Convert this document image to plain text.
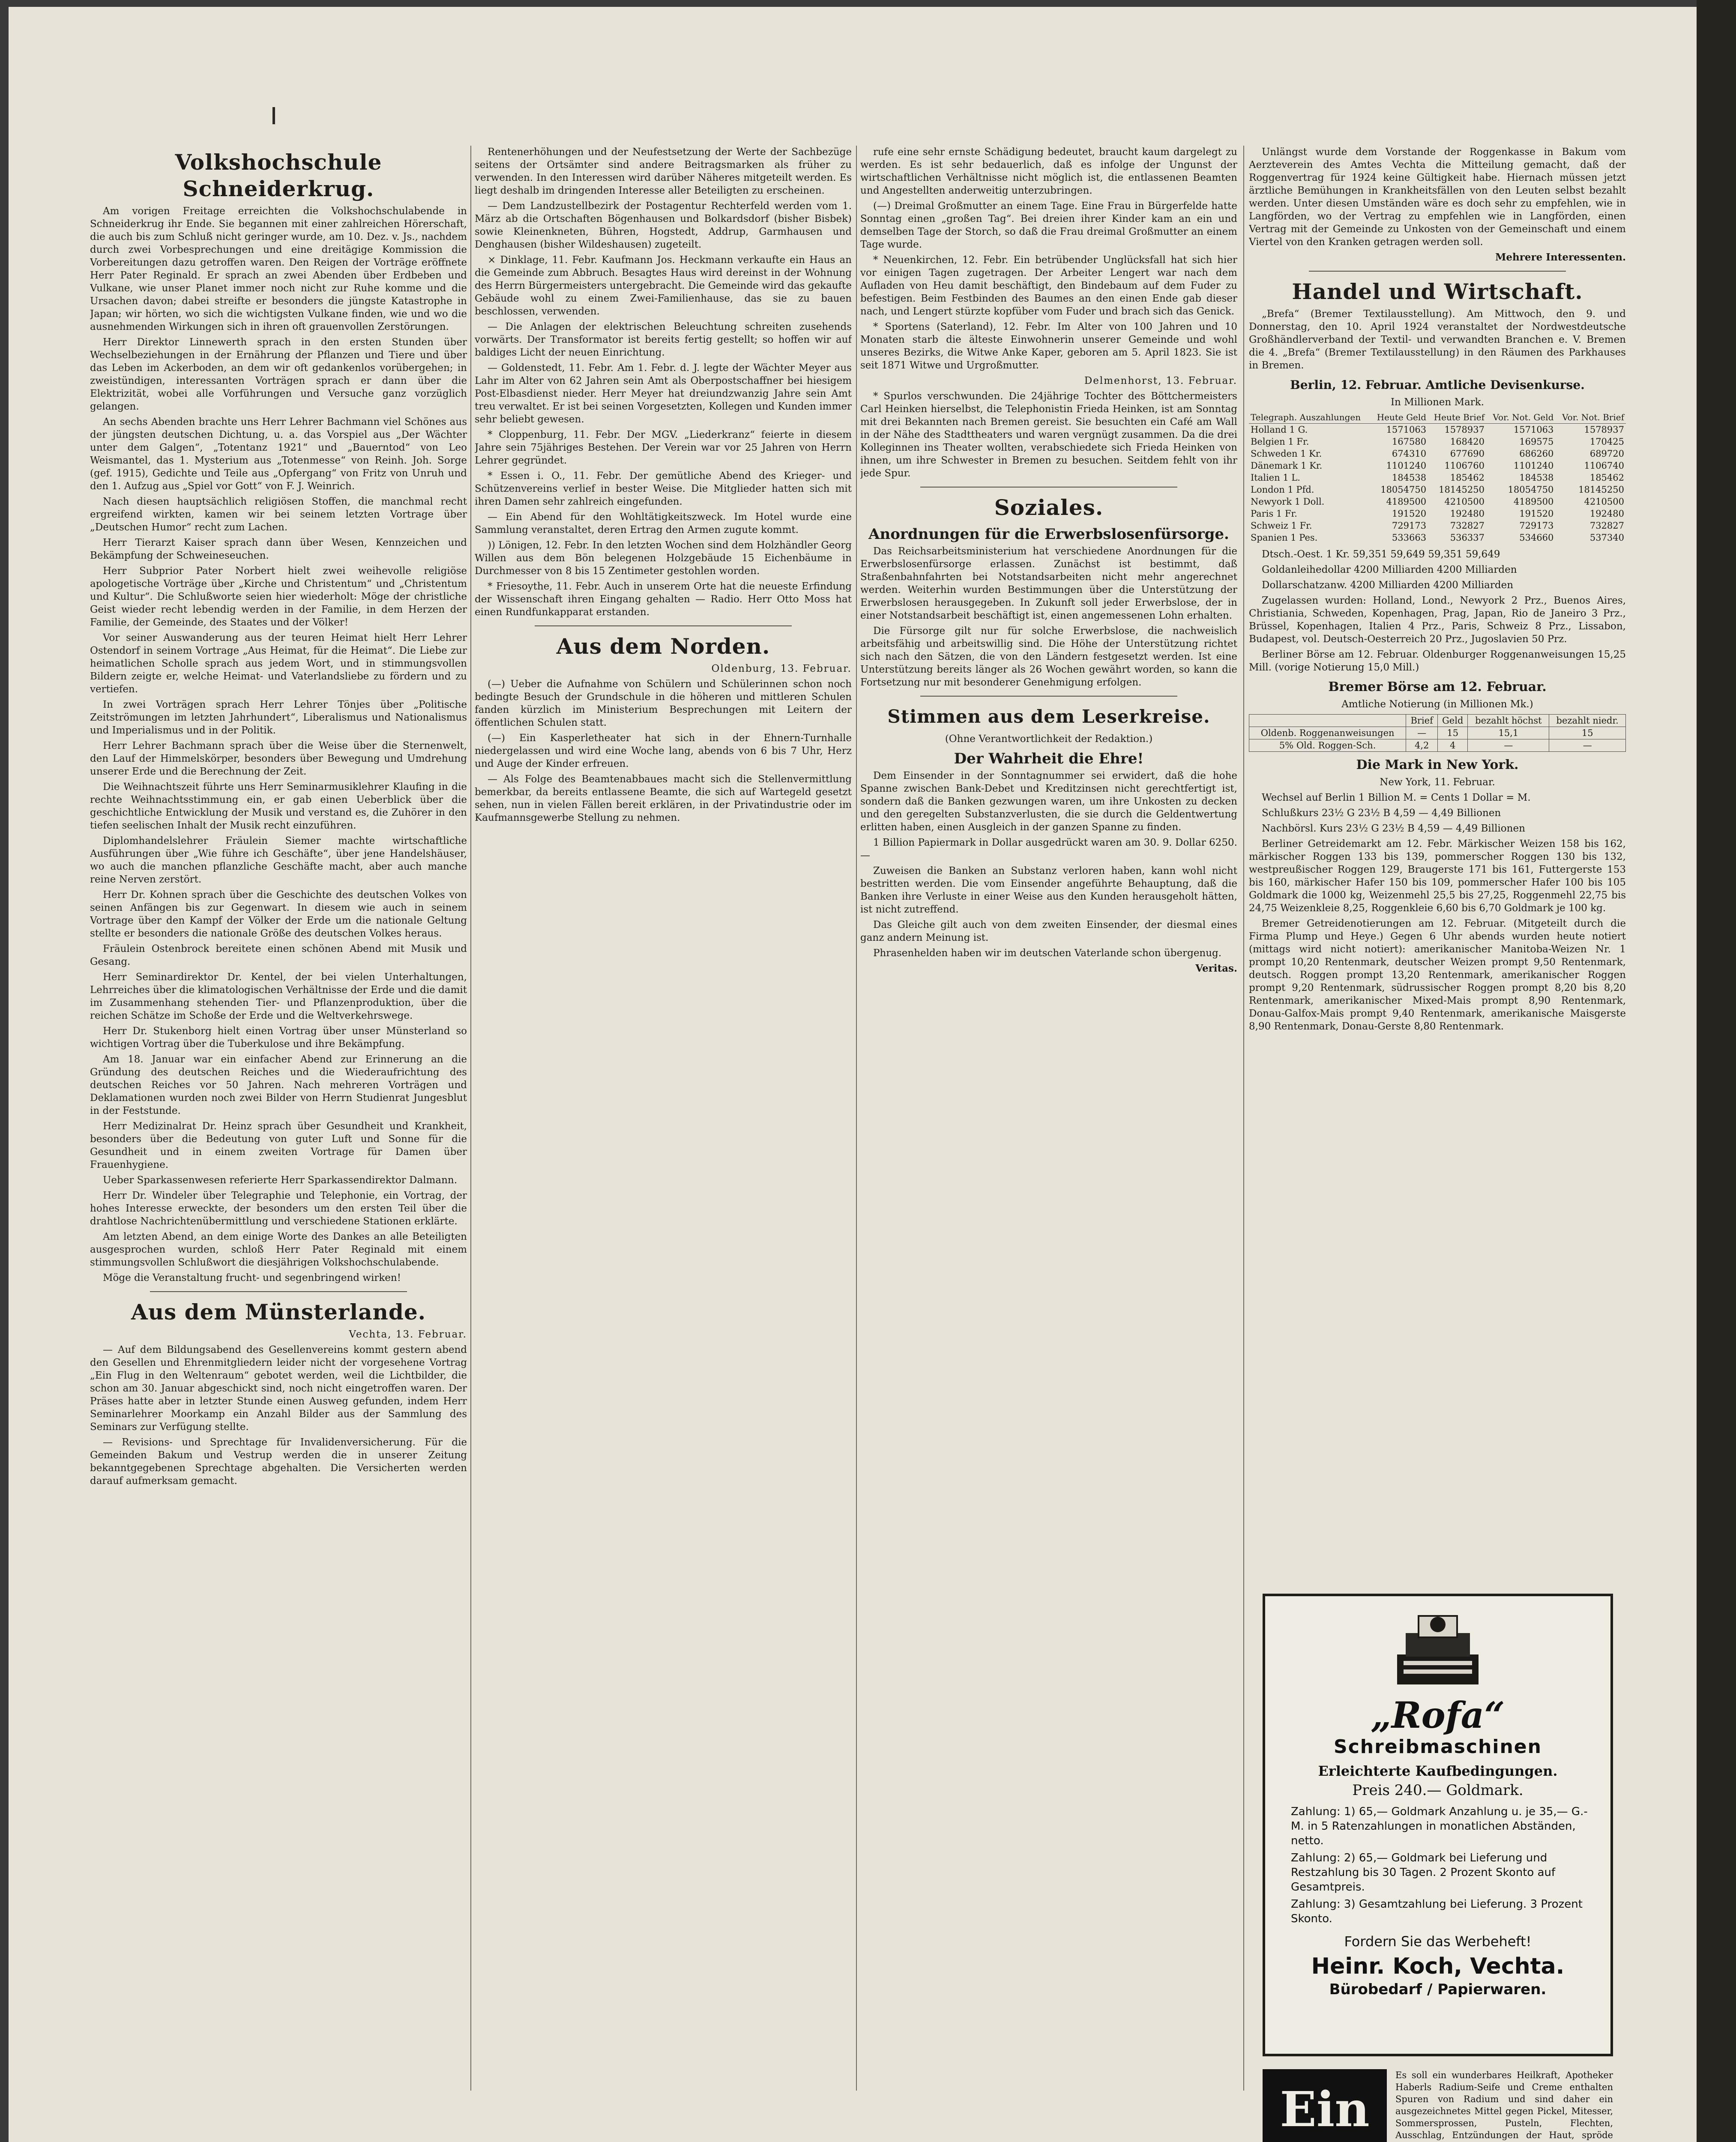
Volkshochschule Schneiderkrug.

Am vorigen Freitage erreichten die Volkshochschulabende in Schneiderkrug ihr Ende. Sie begannen mit einer zahlreichen Hörerschaft, die auch bis zum Schluß nicht geringer wurde, am 10. Dez. v. Js., nachdem durch zwei Vorbesprechungen und eine dreitägige Kommission die Vorbereitungen dazu getroffen waren. Den Reigen der Vorträge eröffnete Herr Pater Reginald. Er sprach an zwei Abenden über Erdbeben und Vulkane, wie unser Planet immer noch nicht zur Ruhe komme und die Ursachen davon; dabei streifte er besonders die jüngste Katastrophe in Japan; wir hörten, wo sich die wichtigsten Vulkane finden, wie und wo die ausnehmenden Wirkungen sich in ihren oft grauenvollen Zerstörungen.

Herr Direktor Linnewerth sprach in den ersten Stunden über Wechselbeziehungen in der Ernährung der Pflanzen und Tiere und über das Leben im Ackerboden, an dem wir oft gedankenlos vorübergehen; in zweistündigen, interessanten Vorträgen sprach er dann über die Elektrizität, wobei alle Vorführungen und Versuche ganz vorzüglich gelangen.

An sechs Abenden brachte uns Herr Lehrer Bachmann viel Schönes aus der jüngsten deutschen Dichtung, u. a. das Vorspiel aus „Der Wächter unter dem Galgen“, „Totentanz 1921“ und „Bauerntod“ von Leo Weismantel, das 1. Mysterium aus „Totenmesse“ von Reinh. Joh. Sorge (gef. 1915), Gedichte und Teile aus „Opfergang“ von Fritz von Unruh und den 1. Aufzug aus „Spiel vor Gott“ von F. J. Weinrich.

Nach diesen hauptsächlich religiösen Stoffen, die manchmal recht ergreifend wirkten, kamen wir bei seinem letzten Vortrage über „Deutschen Humor“ recht zum Lachen.

Herr Tierarzt Kaiser sprach dann über Wesen, Kennzeichen und Bekämpfung der Schweineseuchen.

Herr Subprior Pater Norbert hielt zwei weihevolle religiöse apologetische Vorträge über „Kirche und Christentum“ und „Christentum und Kultur“. Die Schlußworte seien hier wiederholt: Möge der christliche Geist wieder recht lebendig werden in der Familie, in dem Herzen der Familie, der Gemeinde, des Staates und der Völker!

Vor seiner Auswanderung aus der teuren Heimat hielt Herr Lehrer Ostendorf in seinem Vortrage „Aus Heimat, für die Heimat“. Die Liebe zur heimatlichen Scholle sprach aus jedem Wort, und in stimmungsvollen Bildern zeigte er, welche Heimat- und Vaterlandsliebe zu fördern und zu vertiefen.

In zwei Vorträgen sprach Herr Lehrer Tönjes über „Politische Zeitströmungen im letzten Jahrhundert“, Liberalismus und Nationalismus und Imperialismus und in der Politik.

Herr Lehrer Bachmann sprach über die Weise über die Sternenwelt, den Lauf der Himmelskörper, besonders über Bewegung und Umdrehung unserer Erde und die Berechnung der Zeit.

Die Weihnachtszeit führte uns Herr Seminarmusiklehrer Klaufing in die rechte Weihnachtsstimmung ein, er gab einen Ueberblick über die geschichtliche Entwicklung der Musik und verstand es, die Zuhörer in den tiefen seelischen Inhalt der Musik recht einzuführen.

Diplomhandelslehrer Fräulein Siemer machte wirtschaftliche Ausführungen über „Wie führe ich Geschäfte“, über jene Handelshäuser, wo auch die manchen pflanzliche Geschäfte macht, aber auch manche reine Nerven zerstört.

Herr Dr. Kohnen sprach über die Geschichte des deutschen Volkes von seinen Anfängen bis zur Gegenwart. In diesem wie auch in seinem Vortrage über den Kampf der Völker der Erde um die nationale Geltung stellte er besonders die nationale Größe des deutschen Volkes heraus.

Fräulein Ostenbrock bereitete einen schönen Abend mit Musik und Gesang.

Herr Seminardirektor Dr. Kentel, der bei vielen Unterhaltungen, Lehrreiches über die klimatologischen Verhältnisse der Erde und die damit im Zusammenhang stehenden Tier- und Pflanzenproduktion, über die reichen Schätze im Schoße der Erde und die Weltverkehrswege.

Herr Dr. Stukenborg hielt einen Vortrag über unser Münsterland so wichtigen Vortrag über die Tuberkulose und ihre Bekämpfung.

Am 18. Januar war ein einfacher Abend zur Erinnerung an die Gründung des deutschen Reiches und die Wiederaufrichtung des deutschen Reiches vor 50 Jahren. Nach mehreren Vorträgen und Deklamationen wurden noch zwei Bilder von Herrn Studienrat Jungesblut in der Feststunde.

Herr Medizinalrat Dr. Heinz sprach über Gesundheit und Krankheit, besonders über die Bedeutung von guter Luft und Sonne für die Gesundheit und in einem zweiten Vortrage für Damen über Frauenhygiene.

Ueber Sparkassenwesen referierte Herr Sparkassendirektor Dalmann.

Herr Dr. Windeler über Telegraphie und Telephonie, ein Vortrag, der hohes Interesse erweckte, der besonders um den ersten Teil über die drahtlose Nachrichtenübermittlung und verschiedene Stationen erklärte.

Am letzten Abend, an dem einige Worte des Dankes an alle Beteiligten ausgesprochen wurden, schloß Herr Pater Reginald mit einem stimmungsvollen Schlußwort die diesjährigen Volkshochschulabende.

Möge die Veranstaltung frucht- und segenbringend wirken!

Aus dem Münsterlande.
Vechta, 13. Februar.

— Auf dem Bildungsabend des Gesellenvereins kommt gestern abend den Gesellen und Ehrenmitgliedern leider nicht der vorgesehene Vortrag „Ein Flug in den Weltenraum“ gebotet werden, weil die Lichtbilder, die schon am 30. Januar abgeschickt sind, noch nicht eingetroffen waren. Der Präses hatte aber in letzter Stunde einen Ausweg gefunden, indem Herr Seminarlehrer Moorkamp ein Anzahl Bilder aus der Sammlung des Seminars zur Verfügung stellte.

— Revisions- und Sprechtage für Invalidenversicherung. Für die Gemeinden Bakum und Vestrup werden die in unserer Zeitung bekanntgegebenen Sprechtage abgehalten. Die Versicherten werden darauf aufmerksam gemacht.

Rentenerhöhungen und der Neufestsetzung der Werte der Sachbezüge seitens der Ortsämter sind andere Beitragsmarken als früher zu verwenden. In den Interessen wird darüber Näheres mitgeteilt werden. Es liegt deshalb im dringenden Interesse aller Beteiligten zu erscheinen.

— Dem Landzustellbezirk der Postagentur Rechterfeld werden vom 1. März ab die Ortschaften Bögenhausen und Bolkardsdorf (bisher Bisbek) sowie Kleinenkneten, Bühren, Hogstedt, Addrup, Garmhausen und Denghausen (bisher Wildeshausen) zugeteilt.

× Dinklage, 11. Febr. Kaufmann Jos. Heckmann verkaufte ein Haus an die Gemeinde zum Abbruch. Besagtes Haus wird dereinst in der Wohnung des Herrn Bürgermeisters untergebracht. Die Gemeinde wird das gekaufte Gebäude wohl zu einem Zwei-Familienhause, das sie zu bauen beschlossen, verwenden.

— Die Anlagen der elektrischen Beleuchtung schreiten zusehends vorwärts. Der Transformator ist bereits fertig gestellt; so hoffen wir auf baldiges Licht der neuen Einrichtung.

— Goldenstedt, 11. Febr. Am 1. Febr. d. J. legte der Wächter Meyer aus Lahr im Alter von 62 Jahren sein Amt als Oberpostschaffner bei hiesigem Post-Elbasdienst nieder. Herr Meyer hat dreiundzwanzig Jahre sein Amt treu verwaltet. Er ist bei seinen Vorgesetzten, Kollegen und Kunden immer sehr beliebt gewesen.

* Cloppenburg, 11. Febr. Der MGV. „Liederkranz“ feierte in diesem Jahre sein 75jähriges Bestehen. Der Verein war vor 25 Jahren von Herrn Lehrer gegründet.

* Essen i. O., 11. Febr. Der gemütliche Abend des Krieger- und Schützenvereins verlief in bester Weise. Die Mitglieder hatten sich mit ihren Damen sehr zahlreich eingefunden.

— Ein Abend für den Wohltätigkeitszweck. Im Hotel wurde eine Sammlung veranstaltet, deren Ertrag den Armen zugute kommt.

)) Lönigen, 12. Febr. In den letzten Wochen sind dem Holzhändler Georg Willen aus dem Bön belegenen Holzgebäude 15 Eichenbäume in Durchmesser von 8 bis 15 Zentimeter gestohlen worden.

* Friesoythe, 11. Febr. Auch in unserem Orte hat die neueste Erfindung der Wissenschaft ihren Eingang gehalten — Radio. Herr Otto Moss hat einen Rundfunkapparat erstanden.

Aus dem Norden.
Oldenburg, 13. Februar.

(—) Ueber die Aufnahme von Schülern und Schülerinnen schon noch bedingte Besuch der Grundschule in die höheren und mittleren Schulen fanden kürzlich im Ministerium Besprechungen mit Leitern der öffentlichen Schulen statt.

(—) Ein Kasperletheater hat sich in der Ehnern-Turnhalle niedergelassen und wird eine Woche lang, abends von 6 bis 7 Uhr, Herz und Auge der Kinder erfreuen.

— Als Folge des Beamtenabbaues macht sich die Stellenvermittlung bemerkbar, da bereits entlassene Beamte, die sich auf Wartegeld gesetzt sehen, nun in vielen Fällen bereit erklären, in der Privatindustrie oder im Kaufmannsgewerbe Stellung zu nehmen.

rufe eine sehr ernste Schädigung bedeutet, braucht kaum dargelegt zu werden. Es ist sehr bedauerlich, daß es infolge der Ungunst der wirtschaftlichen Verhältnisse nicht möglich ist, die entlassenen Beamten und Angestellten anderweitig unterzubringen.

(—) Dreimal Großmutter an einem Tage. Eine Frau in Bürgerfelde hatte Sonntag einen „großen Tag“. Bei dreien ihrer Kinder kam an ein und demselben Tage der Storch, so daß die Frau dreimal Großmutter an einem Tage wurde.

* Neuenkirchen, 12. Febr. Ein betrübender Unglücksfall hat sich hier vor einigen Tagen zugetragen. Der Arbeiter Lengert war nach dem Aufladen von Heu damit beschäftigt, den Bindebaum auf dem Fuder zu befestigen. Beim Festbinden des Baumes an den einen Ende gab dieser nach, und Lengert stürzte kopfüber vom Fuder und brach sich das Genick.

* Sportens (Saterland), 12. Febr. Im Alter von 100 Jahren und 10 Monaten starb die älteste Einwohnerin unserer Gemeinde und wohl unseres Bezirks, die Witwe Anke Kaper, geboren am 5. April 1823. Sie ist seit 1871 Witwe und Urgroßmutter.

Delmenhorst, 13. Februar.

* Spurlos verschwunden. Die 24jährige Tochter des Böttchermeisters Carl Heinken hierselbst, die Telephonistin Frieda Heinken, ist am Sonntag mit drei Bekannten nach Bremen gereist. Sie besuchten ein Café am Wall in der Nähe des Stadttheaters und waren vergnügt zusammen. Da die drei Kolleginnen ins Theater wollten, verabschiedete sich Frieda Heinken von ihnen, um ihre Schwester in Bremen zu besuchen. Seitdem fehlt von ihr jede Spur.

Soziales.
Anordnungen für die Erwerbslosenfürsorge.

Das Reichsarbeitsministerium hat verschiedene Anordnungen für die Erwerbslosenfürsorge erlassen. Zunächst ist bestimmt, daß Straßenbahnfahrten bei Notstandsarbeiten nicht mehr angerechnet werden. Weiterhin wurden Bestimmungen über die Unterstützung der Erwerbslosen herausgegeben. In Zukunft soll jeder Erwerbslose, der in einer Notstandsarbeit beschäftigt ist, einen angemessenen Lohn erhalten.

Die Fürsorge gilt nur für solche Erwerbslose, die nachweislich arbeitsfähig und arbeitswillig sind. Die Höhe der Unterstützung richtet sich nach den Sätzen, die von den Ländern festgesetzt werden. Ist eine Unterstützung bereits länger als 26 Wochen gewährt worden, so kann die Fortsetzung nur mit besonderer Genehmigung erfolgen.

Stimmen aus dem Leserkreise.
(Ohne Verantwortlichkeit der Redaktion.)
Der Wahrheit die Ehre!

Dem Einsender in der Sonntagnummer sei erwidert, daß die hohe Spanne zwischen Bank-Debet und Kreditzinsen nicht gerechtfertigt ist, sondern daß die Banken gezwungen waren, um ihre Unkosten zu decken und den geregelten Substanzverlusten, die sie durch die Geldentwertung erlitten haben, einen Ausgleich in der ganzen Spanne zu finden.

1 Billion Papiermark in Dollar ausgedrückt waren am 30. 9. Dollar 6250.—

Zuweisen die Banken an Substanz verloren haben, kann wohl nicht bestritten werden. Die vom Einsender angeführte Behauptung, daß die Banken ihre Verluste in einer Weise aus den Kunden herausgeholt hätten, ist nicht zutreffend.

Das Gleiche gilt auch von dem zweiten Einsender, der diesmal eines ganz andern Meinung ist.

Phrasenhelden haben wir im deutschen Vaterlande schon übergenug.

Veritas.

Unlängst wurde dem Vorstande der Roggenkasse in Bakum vom Aerzteverein des Amtes Vechta die Mitteilung gemacht, daß der Roggenvertrag für 1924 keine Gültigkeit habe. Hiernach müssen jetzt ärztliche Bemühungen in Krankheitsfällen von den Leuten selbst bezahlt werden. Unter diesen Umständen wäre es doch sehr zu empfehlen, wie in Langförden, wo der Vertrag zu empfehlen wie in Langförden, einen Vertrag mit der Gemeinde zu Unkosten von der Gemeinschaft und einem Viertel von den Kranken getragen werden soll.

Mehrere Interessenten.
Handel und Wirtschaft.

„Brefa“ (Bremer Textilausstellung). Am Mittwoch, den 9. und Donnerstag, den 10. April 1924 veranstaltet der Nordwestdeutsche Großhändlerverband der Textil- und verwandten Branchen e. V. Bremen die 4. „Brefa“ (Bremer Textilausstellung) in den Räumen des Parkhauses in Bremen.

Berlin, 12. Februar. Amtliche Devisenkurse.
In Millionen Mark.
Telegraph. Auszahlungen	Heute Geld	Heute Brief	Vor. Not. Geld	Vor. Not. Brief
Holland 1 G.	1571063	1578937	1571063	1578937
Belgien 1 Fr.	167580	168420	169575	170425
Schweden 1 Kr.	674310	677690	686260	689720
Dänemark 1 Kr.	1101240	1106760	1101240	1106740
Italien 1 L.	184538	185462	184538	185462
London 1 Pfd.	18054750	18145250	18054750	18145250
Newyork 1 Doll.	4189500	4210500	4189500	4210500
Paris 1 Fr.	191520	192480	191520	192480
Schweiz 1 Fr.	729173	732827	729173	732827
Spanien 1 Pes.	533663	536337	534660	537340

Dtsch.-Oest. 1 Kr. 59,351 59,649 59,351 59,649

Goldanleihedollar 4200 Milliarden 4200 Milliarden

Dollarschatzanw. 4200 Milliarden 4200 Milliarden

Zugelassen wurden: Holland, Lond., Newyork 2 Prz., Buenos Aires, Christiania, Schweden, Kopenhagen, Prag, Japan, Rio de Janeiro 3 Prz., Brüssel, Kopenhagen, Italien 4 Prz., Paris, Schweiz 8 Prz., Lissabon, Budapest, vol. Deutsch-Oesterreich 20 Prz., Jugoslavien 50 Prz.

Berliner Börse am 12. Februar. Oldenburger Roggenanweisungen 15,25 Mill. (vorige Notierung 15,0 Mill.)

Bremer Börse am 12. Februar.
Amtliche Notierung (in Millionen Mk.)
	Brief	Geld	bezahlt höchst	bezahlt niedr.
Oldenb. Roggenanweisungen	—	15	15,1	15
5% Old. Roggen-Sch.	4,2	4	—	—
Die Mark in New York.
New York, 11. Februar.

Wechsel auf Berlin 1 Billion M. = Cents 1 Dollar = M.

Schlußkurs 23½ G 23½ B 4,59 — 4,49 Billionen

Nachbörsl. Kurs 23½ G 23½ B 4,59 — 4,49 Billionen

Berliner Getreidemarkt am 12. Febr. Märkischer Weizen 158 bis 162, märkischer Roggen 133 bis 139, pommerscher Roggen 130 bis 132, westpreußischer Roggen 129, Braugerste 171 bis 161, Futtergerste 153 bis 160, märkischer Hafer 150 bis 109, pommerscher Hafer 100 bis 105 Goldmark die 1000 kg, Weizenmehl 25,5 bis 27,25, Roggenmehl 22,75 bis 24,75 Weizenkleie 8,25, Roggenkleie 6,60 bis 6,70 Goldmark je 100 kg.

Bremer Getreidenotierungen am 12. Februar. (Mitgeteilt durch die Firma Plump und Heye.) Gegen 6 Uhr abends wurden heute notiert (mittags wird nicht notiert): amerikanischer Manitoba-Weizen Nr. 1 prompt 10,20 Rentenmark, deutscher Weizen prompt 9,50 Rentenmark, deutsch. Roggen prompt 13,20 Rentenmark, amerikanischer Roggen prompt 9,20 Rentenmark, südrussischer Roggen prompt 8,20 bis 8,20 Rentenmark, amerikanischer Mixed-Mais prompt 8,90 Rentenmark, Donau-Galfox-Mais prompt 9,40 Rentenmark, amerikanische Maisgerste 8,90 Rentenmark, Donau-Gerste 8,80 Rentenmark.

„Rofa“
Schreibmaschinen
Erleichterte Kaufbedingungen.
Preis 240.— Goldmark.
Zahlung: 1) 65,— Goldmark Anzahlung u. je 35,— G.-M. in 5 Ratenzahlungen in monatlichen Abständen, netto.
Zahlung: 2) 65,— Goldmark bei Lieferung und Restzahlung bis 30 Tagen. 2 Prozent Skonto auf Gesamtpreis.
Zahlung: 3) Gesamtzahlung bei Lieferung. 3 Prozent Skonto.
Fordern Sie das Werbeheft!
Heinr. Koch, Vechta.
Bürobedarf / Papierwaren.
Ein
Es soll ein wunderbares Heilkraft, Apotheker Haberls Radium-Seife und Creme enthalten Spuren von Radium und sind daher ein ausgezeichnetes Mittel gegen Pickel, Mitesser, Sommersprossen, Pusteln, Flechten, Ausschlag, Entzündungen der Haut, spröde
